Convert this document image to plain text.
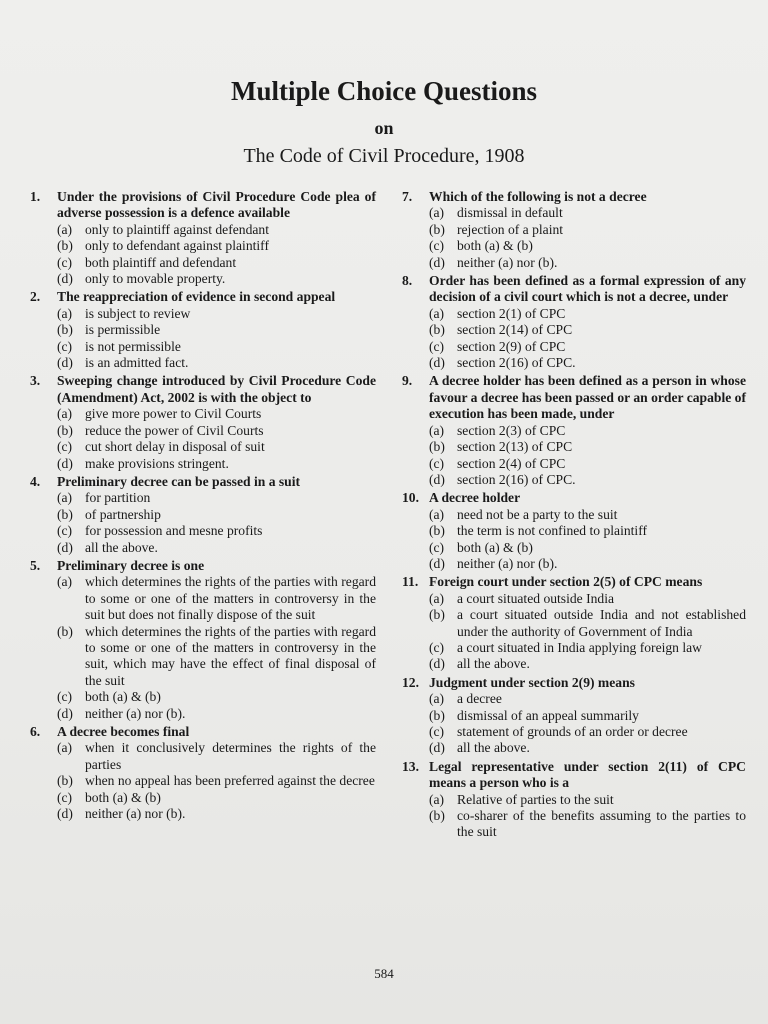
Multiple Choice Questions
on
The Code of Civil Procedure, 1908
1.	Under the provisions of Civil Procedure Code plea of adverse possession is a defence available
(a) only to plaintiff against defendant
(b) only to defendant against plaintiff
(c) both plaintiff and defendant
(d) only to movable property.
2.	The reappreciation of evidence in second appeal
(a) is subject to review
(b) is permissible
(c) is not permissible
(d) is an admitted fact.
3.	Sweeping change introduced by Civil Procedure Code (Amendment) Act, 2002 is with the object to
(a) give more power to Civil Courts
(b) reduce the power of Civil Courts
(c) cut short delay in disposal of suit
(d) make provisions stringent.
4.	Preliminary decree can be passed in a suit
(a) for partition
(b) of partnership
(c) for possession and mesne profits
(d) all the above.
5.	Preliminary decree is one
(a) which determines the rights of the parties with regard to some or one of the matters in controversy in the suit but does not finally dispose of the suit
(b) which determines the rights of the parties with regard to some or one of the matters in controversy in the suit, which may have the effect of final disposal of the suit
(c) both (a) & (b)
(d) neither (a) nor (b).
6.	A decree becomes final
(a) when it conclusively determines the rights of the parties
(b) when no appeal has been preferred against the decree
(c) both (a) & (b)
(d) neither (a) nor (b).
7.	Which of the following is not a decree
(a) dismissal in default
(b) rejection of a plaint
(c) both (a) & (b)
(d) neither (a) nor (b).
8.	Order has been defined as a formal expression of any decision of a civil court which is not a decree, under
(a) section 2(1) of CPC
(b) section 2(14) of CPC
(c) section 2(9) of CPC
(d) section 2(16) of CPC.
9.	A decree holder has been defined as a person in whose favour a decree has been passed or an order capable of execution has been made, under
(a) section 2(3) of CPC
(b) section 2(13) of CPC
(c) section 2(4) of CPC
(d) section 2(16) of CPC.
10. A decree holder
(a) need not be a party to the suit
(b) the term is not confined to plaintiff
(c) both (a) & (b)
(d) neither (a) nor (b).
11. Foreign court under section 2(5) of CPC means
(a) a court situated outside India
(b) a court situated outside India and not established under the authority of Government of India
(c) a court situated in India applying foreign law
(d) all the above.
12. Judgment under section 2(9) means
(a) a decree
(b) dismissal of an appeal summarily
(c) statement of grounds of an order or decree
(d) all the above.
13. Legal representative under section 2(11) of CPC means a person who is a
(a) Relative of parties to the suit
(b) co-sharer of the benefits assuming to the parties to the suit
584
